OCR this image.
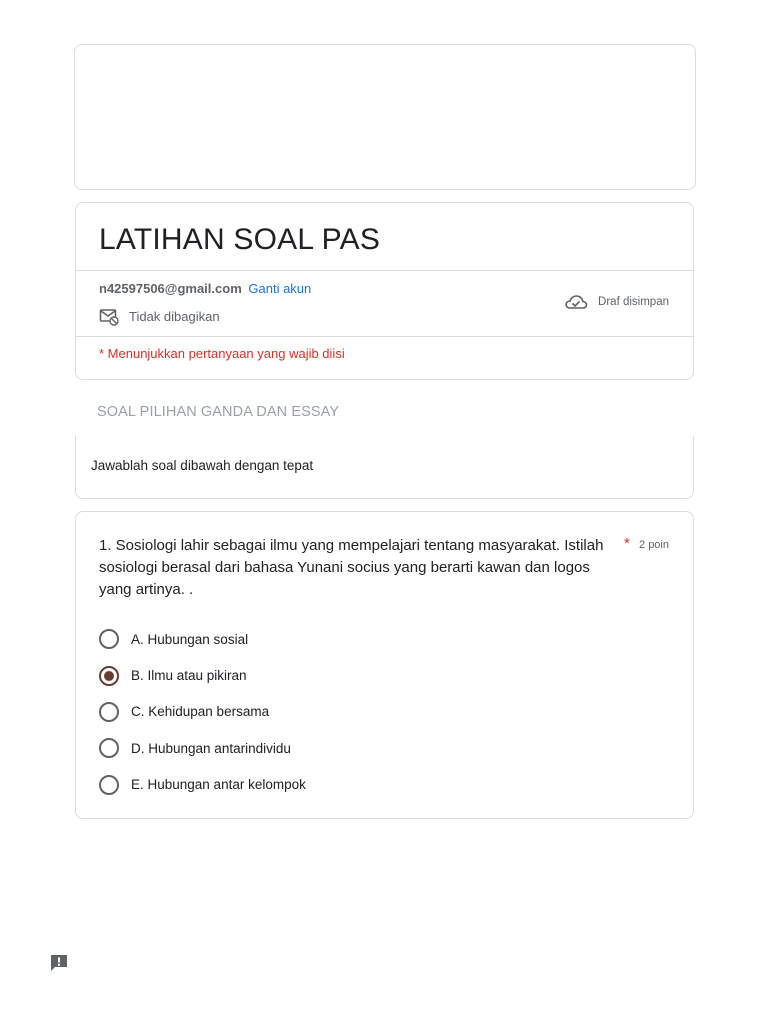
LATIHAN SOAL PAS
n42597506@gmail.com Ganti akun
Tidak dibagikan
Draf disimpan
* Menunjukkan pertanyaan yang wajib diisi
SOAL PILIHAN GANDA DAN ESSAY
Jawablah soal dibawah dengan tepat
1. Sosiologi lahir sebagai ilmu yang mempelajari tentang masyarakat. Istilah sosiologi berasal dari bahasa Yunani socius yang berarti kawan dan logos yang artinya. .
* 2 poin
A. Hubungan sosial
B. Ilmu atau pikiran
C. Kehidupan bersama
D. Hubungan antarindividu
E. Hubungan antar kelompok
